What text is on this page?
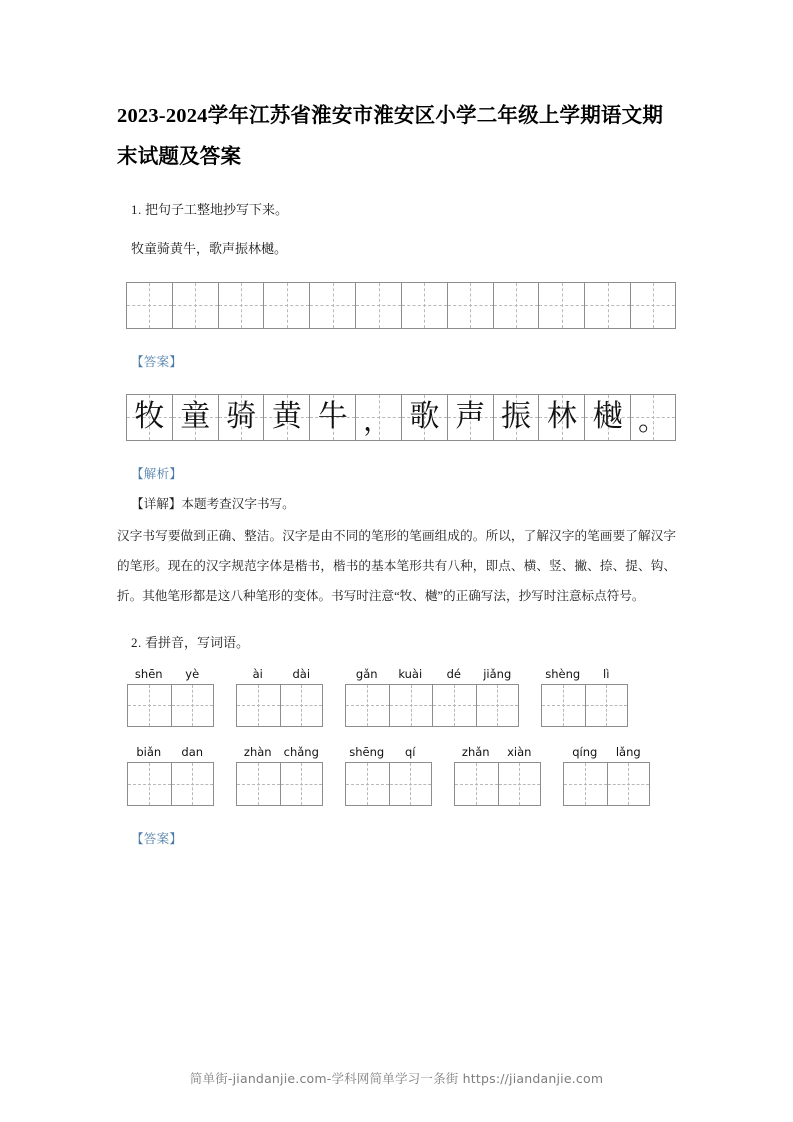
2023-2024学年江苏省淮安市淮安区小学二年级上学期语文期末试题及答案
1. 把句子工整地抄写下来。
牧童骑黄牛，歌声振林樾。
【答案】
牧 童 骑 黄 牛 ， 歌 声 振 林 樾 。
【解析】
【详解】本题考查汉字书写。
汉字书写要做到正确、整洁。汉字是由不同的笔形的笔画组成的。所以，了解汉字的笔画要了解汉字的笔形。现在的汉字规范字体是楷书，楷书的基本笔形共有八种，即点、横、竖、撇、捺、提、钩、折。其他笔形都是这八种笔形的变体。书写时注意“牧、樾”的正确写法，抄写时注意标点符号。
2. 看拼音，写词语。
shēn	yè	ài	dài	gǎn	kuài	dé	jiǎng	shèng	lì
biǎn	dan	zhàn	chǎng	shēng	qí	zhǎn	xiàn	qíng	lǎng
【答案】
简单街-jiandanjie.com-学科网简单学习一条街 https://jiandanjie.com
